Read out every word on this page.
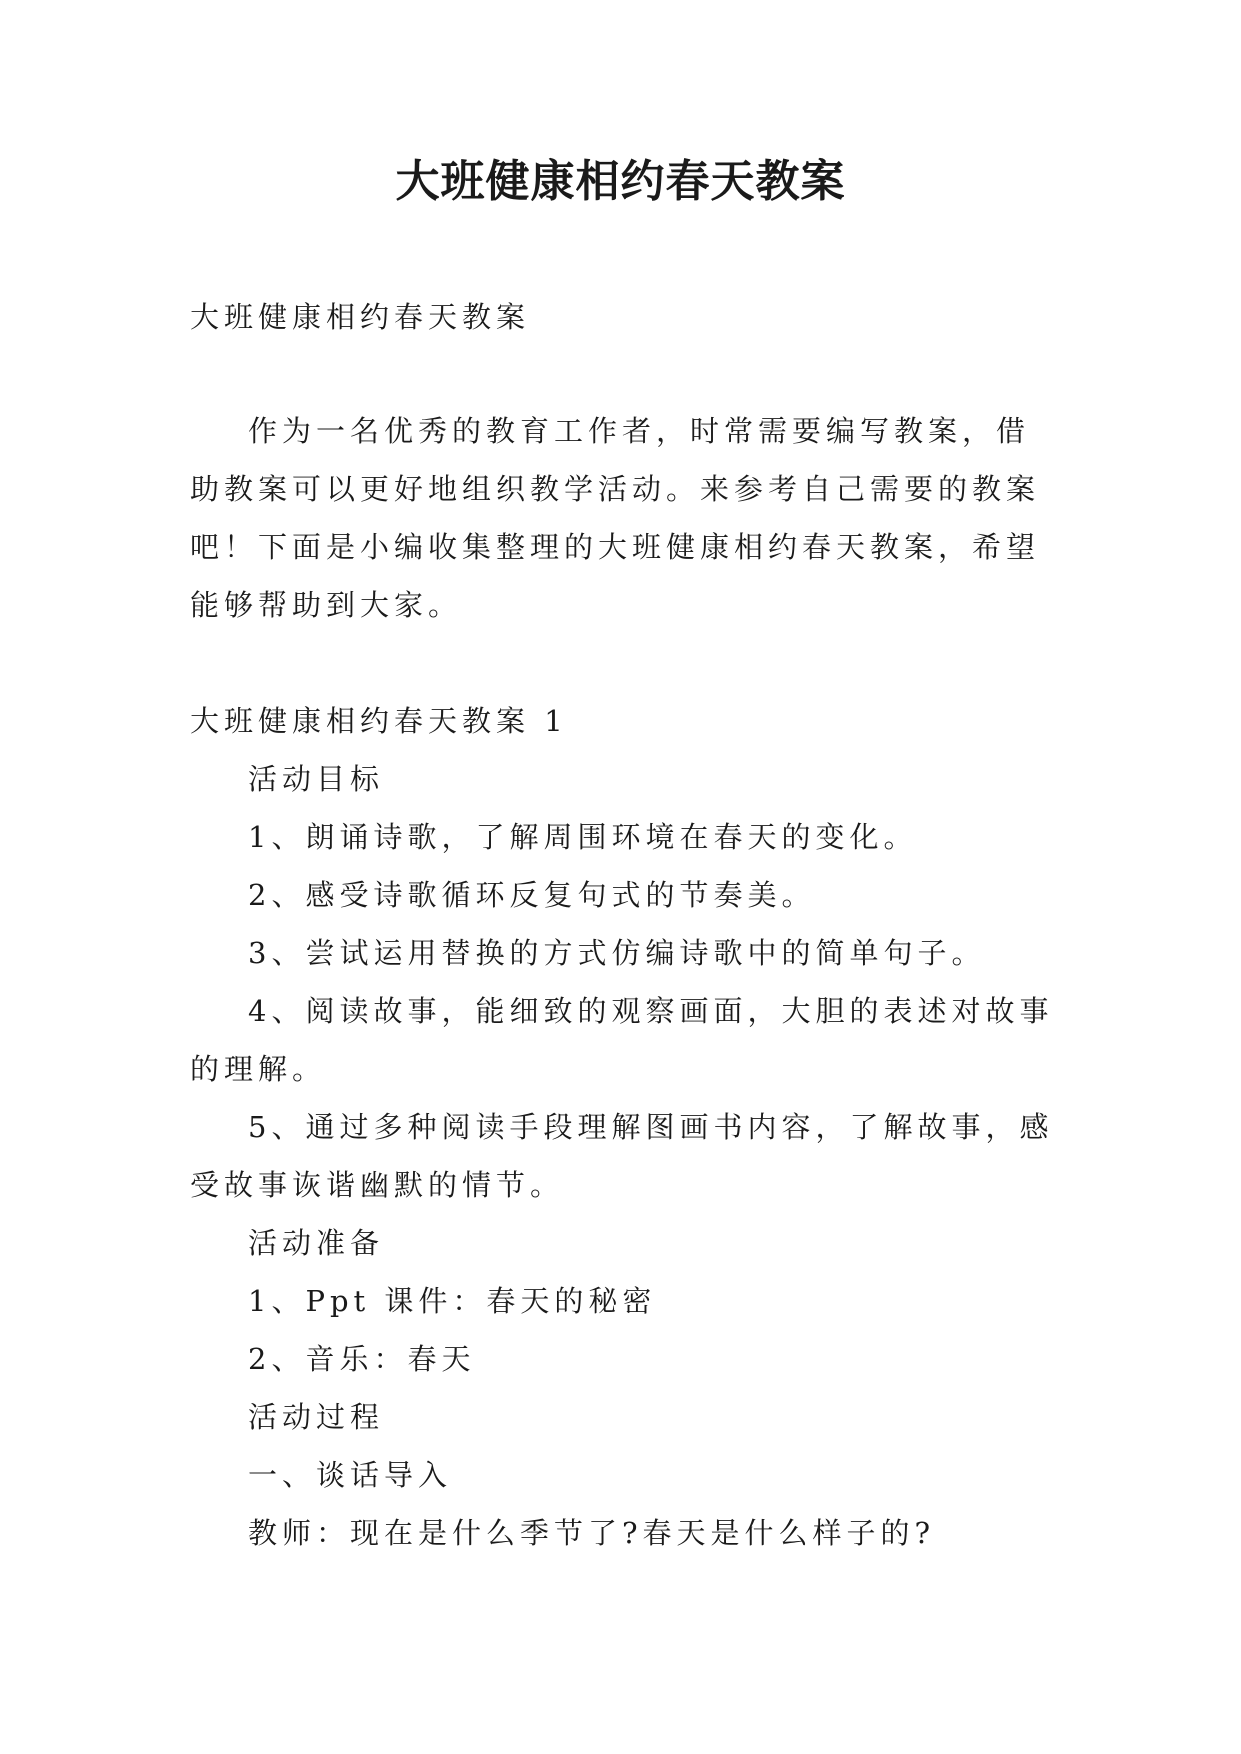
大班健康相约春天教案

大班健康相约春天教案

作为一名优秀的教育工作者，时常需要编写教案，借助教案可以更好地组织教学活动。来参考自己需要的教案吧！下面是小编收集整理的大班健康相约春天教案，希望能够帮助到大家。

大班健康相约春天教案 1

活动目标

1、朗诵诗歌，了解周围环境在春天的变化。

2、感受诗歌循环反复句式的节奏美。

3、尝试运用替换的方式仿编诗歌中的简单句子。

4、阅读故事，能细致的观察画面，大胆的表述对故事的理解。

5、通过多种阅读手段理解图画书内容，了解故事，感受故事诙谐幽默的情节。

活动准备

1、Ppt 课件：春天的秘密

2、音乐：春天

活动过程

一、谈话导入

教师：现在是什么季节了?春天是什么样子的?
